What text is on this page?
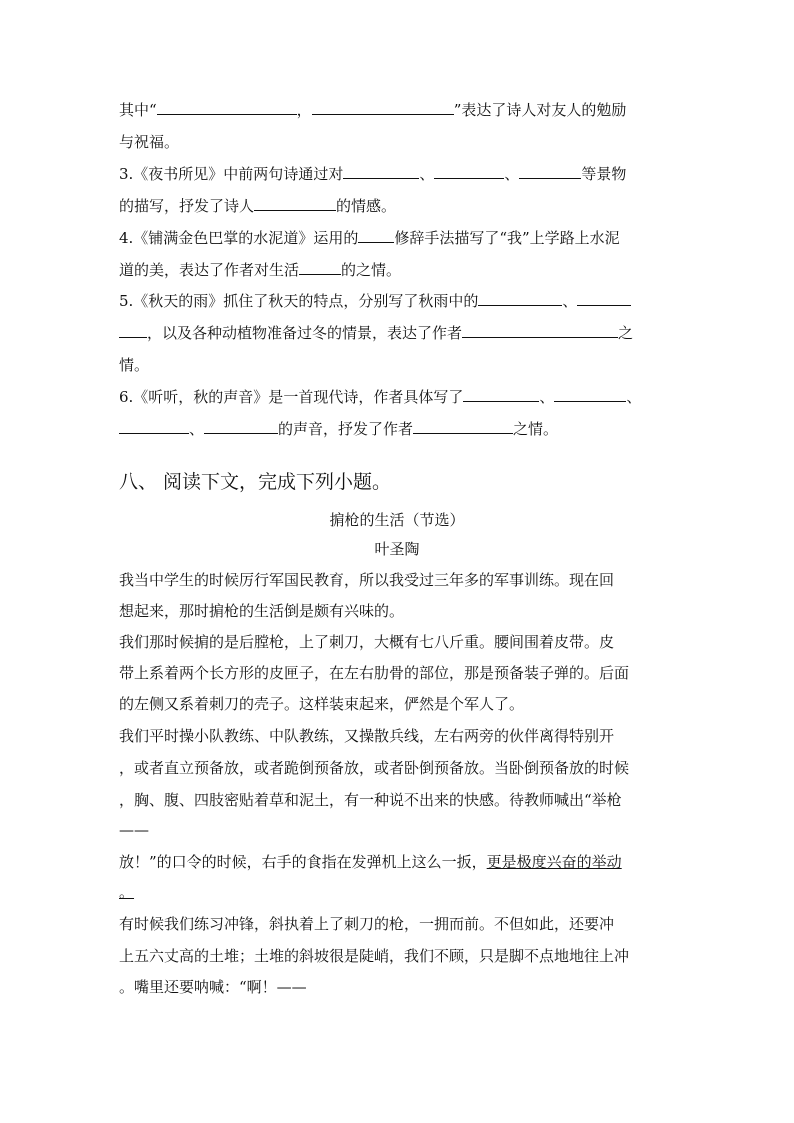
其中“	，	”表达了诗人对友人的勉励
与祝福。
3.《夜书所见》中前两句诗通过对	、	、	等景物
的描写，抒发了诗人	的情感。
4.《铺满金色巴掌的水泥道》运用的 修辞手法描写了“我”上学路上水泥
道的美，表达了作者对生活	的之情。
5.《秋天的雨》抓住了秋天的特点，分别写了秋雨中的	、
，以及各种动植物准备过冬的情景，表达了作者	之
情。
6.《听听，秋的声音》是一首现代诗，作者具体写了	、	、
、	的声音，抒发了作者	之情。
八、 阅读下文，完成下列小题。
掮枪的生活（节选）
叶圣陶
我当中学生的时候厉行军国民教育，所以我受过三年多的军事训练。现在回
想起来，那时掮枪的生活倒是颇有兴味的。
我们那时候掮的是后膛枪，上了刺刀，大概有七八斤重。腰间围着皮带。皮
带上系着两个长方形的皮匣子，在左右肋骨的部位，那是预备装子弹的。后面
的左侧又系着刺刀的壳子。这样装束起来，俨然是个军人了。
我们平时操小队教练、中队教练，又操散兵线，左右两旁的伙伴离得特别开
，或者直立预备放，或者跪倒预备放，或者卧倒预备放。当卧倒预备放的时候
，胸、腹、四肢密贴着草和泥土，有一种说不出来的快感。待教师喊出“举枪
——
放！”的口令的时候，右手的食指在发弹机上这么一扳，更是极度兴奋的举动
。
有时候我们练习冲锋，斜执着上了刺刀的枪，一拥而前。不但如此，还要冲
上五六丈高的土堆；土堆的斜坡很是陡峭，我们不顾，只是脚不点地地往上冲
。嘴里还要呐喊：“啊！——
